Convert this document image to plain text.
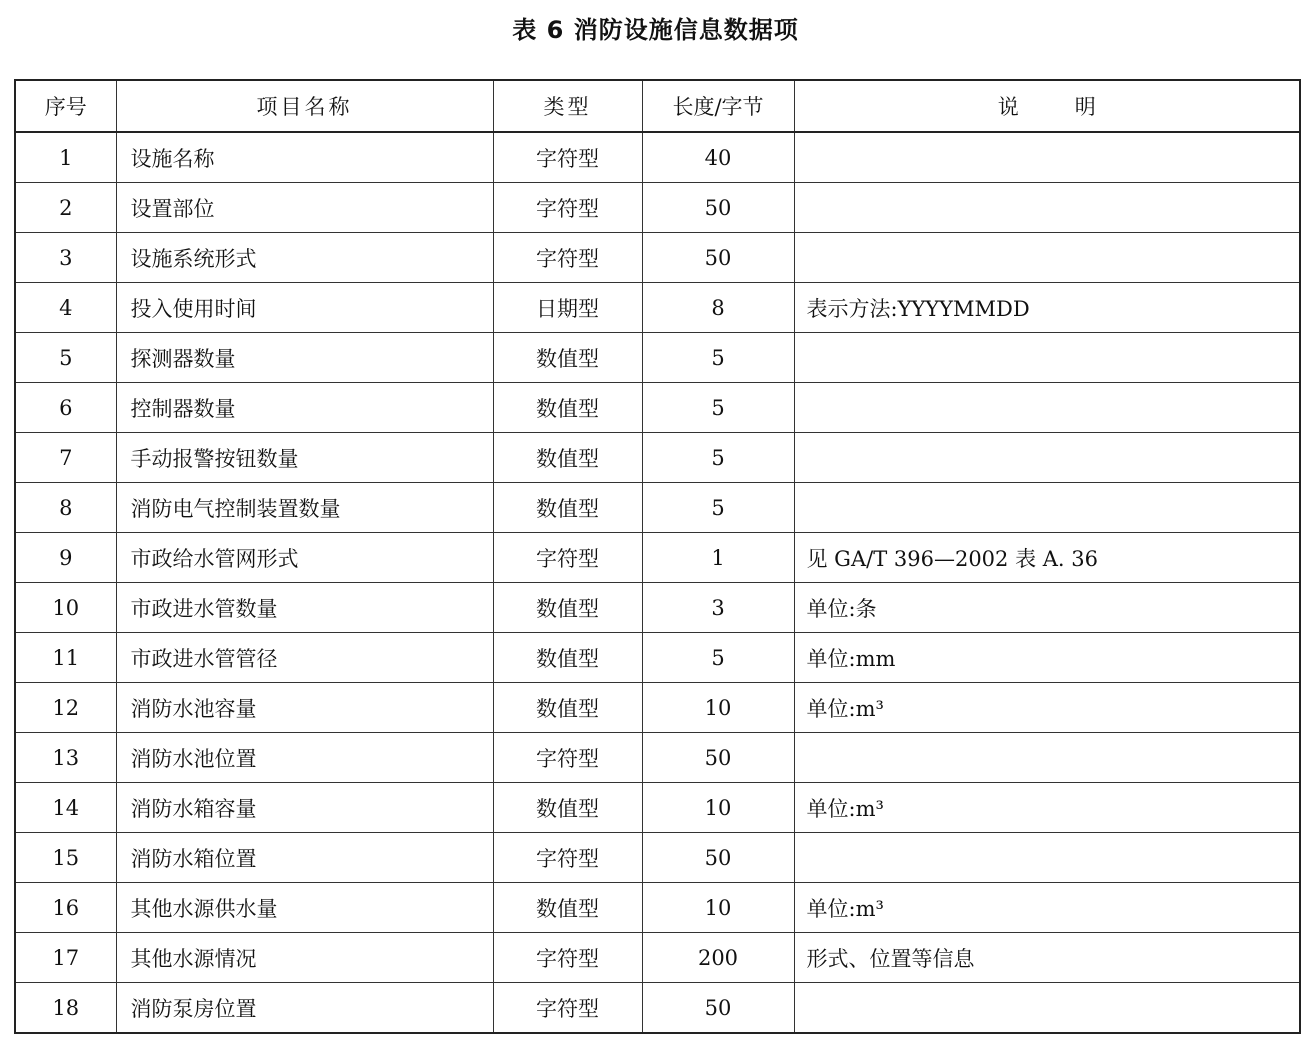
表 6 消防设施信息数据项
序号	项目名称	类型	长度/字节	说 明
1	设施名称	字符型	40	
2	设置部位	字符型	50	
3	设施系统形式	字符型	50	
4	投入使用时间	日期型	8	表示方法:YYYYMMDD
5	探测器数量	数值型	5	
6	控制器数量	数值型	5	
7	手动报警按钮数量	数值型	5	
8	消防电气控制装置数量	数值型	5	
9	市政给水管网形式	字符型	1	见 GA/T 396—2002 表 A. 36
10	市政进水管数量	数值型	3	单位:条
11	市政进水管管径	数值型	5	单位:mm
12	消防水池容量	数值型	10	单位:m³
13	消防水池位置	字符型	50	
14	消防水箱容量	数值型	10	单位:m³
15	消防水箱位置	字符型	50	
16	其他水源供水量	数值型	10	单位:m³
17	其他水源情况	字符型	200	形式、位置等信息
18	消防泵房位置	字符型	50	
